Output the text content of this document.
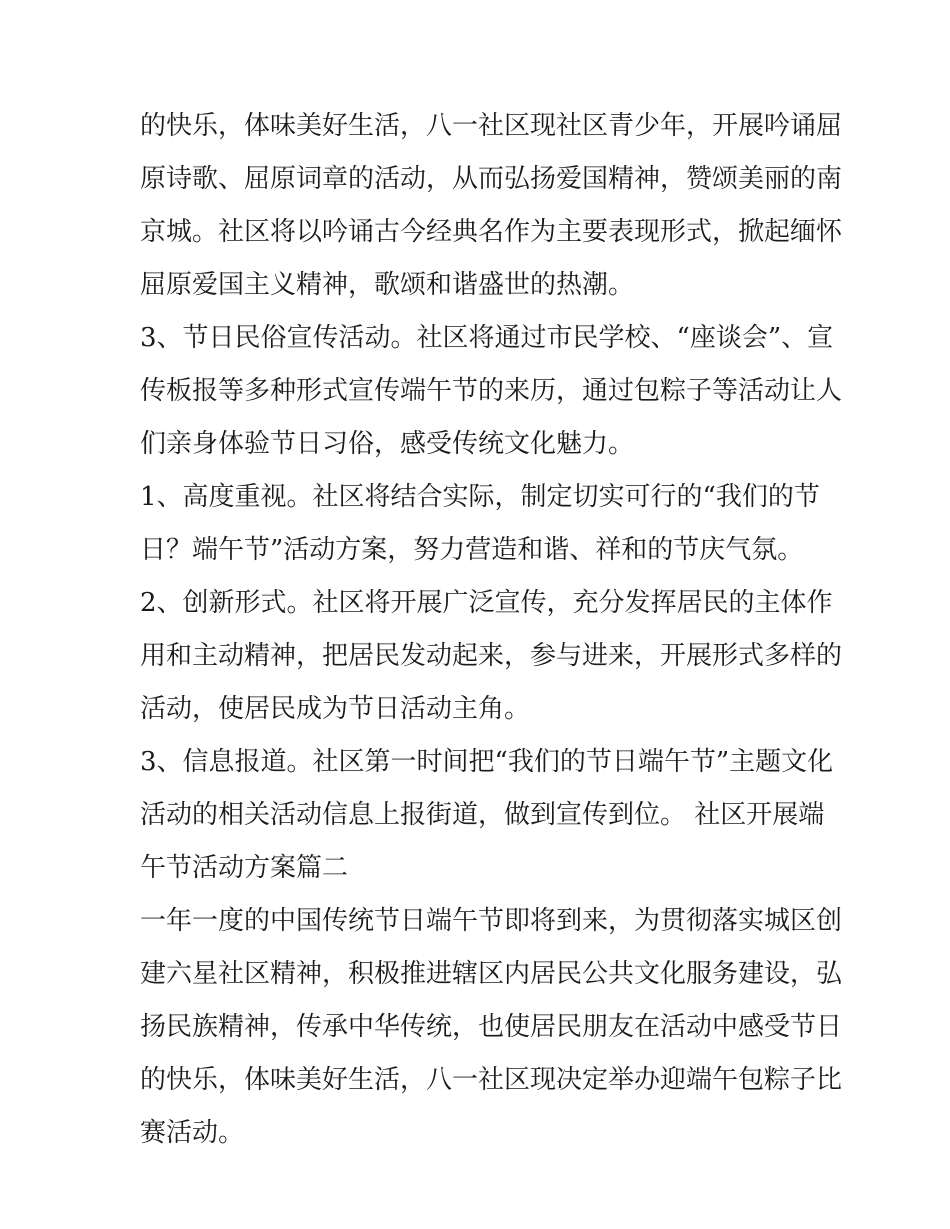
的快乐，体味美好生活，八一社区现社区青少年，开展吟诵屈
原诗歌、屈原词章的活动，从而弘扬爱国精神，赞颂美丽的南
京城。社区将以吟诵古今经典名作为主要表现形式，掀起缅怀
屈原爱国主义精神，歌颂和谐盛世的热潮。
3、节日民俗宣传活动。社区将通过市民学校、“座谈会”、宣
传板报等多种形式宣传端午节的来历，通过包粽子等活动让人
们亲身体验节日习俗，感受传统文化魅力。
1、高度重视。社区将结合实际，制定切实可行的“我们的节
日？端午节”活动方案，努力营造和谐、祥和的节庆气氛。
2、创新形式。社区将开展广泛宣传，充分发挥居民的主体作
用和主动精神，把居民发动起来，参与进来，开展形式多样的
活动，使居民成为节日活动主角。
3、信息报道。社区第一时间把“我们的节日端午节”主题文化
活动的相关活动信息上报街道，做到宣传到位。 社区开展端
午节活动方案篇二
一年一度的中国传统节日端午节即将到来，为贯彻落实城区创
建六星社区精神，积极推进辖区内居民公共文化服务建设，弘
扬民族精神，传承中华传统，也使居民朋友在活动中感受节日
的快乐，体味美好生活，八一社区现决定举办迎端午包粽子比
赛活动。
